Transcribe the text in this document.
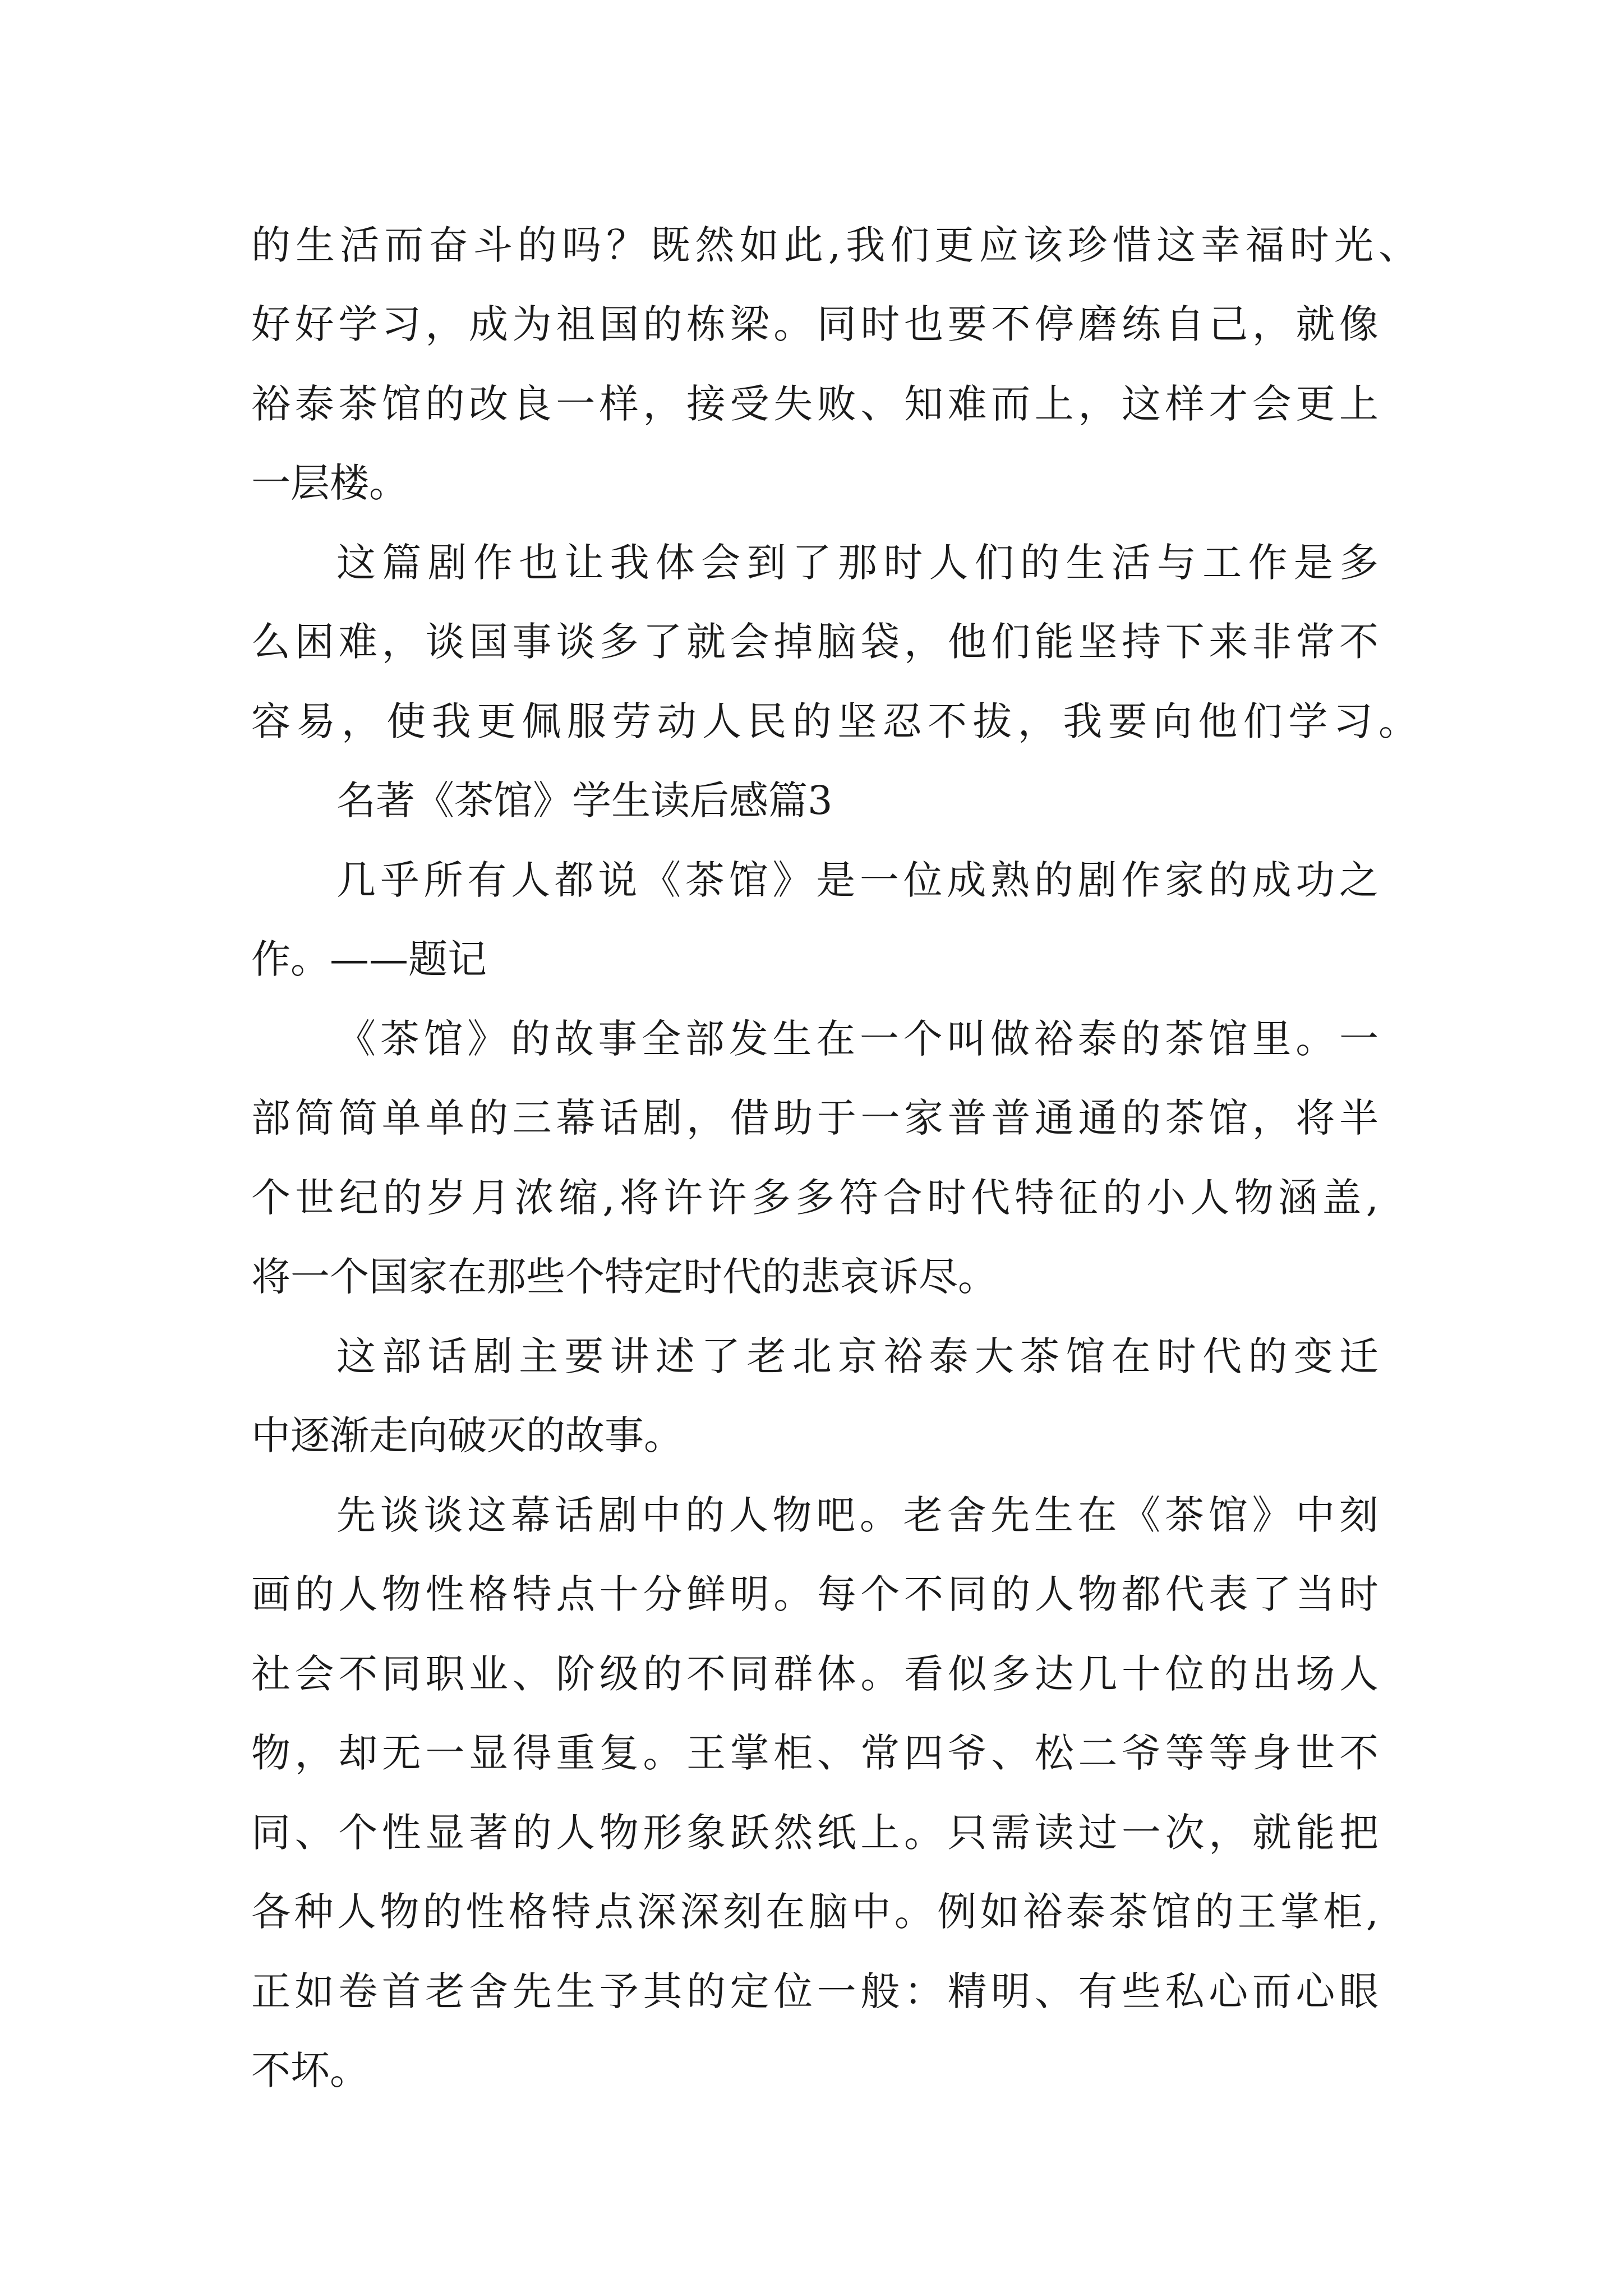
的生活而奋斗的吗？既然如此,我们更应该珍惜这幸福时光、
好好学习，成为祖国的栋梁。同时也要不停磨练自己，就像
裕泰茶馆的改良一样，接受失败、知难而上，这样才会更上
一层楼。
这篇剧作也让我体会到了那时人们的生活与工作是多
么困难，谈国事谈多了就会掉脑袋，他们能坚持下来非常不
容易，使我更佩服劳动人民的坚忍不拔，我要向他们学习。
名著《茶馆》学生读后感篇3
几乎所有人都说《茶馆》是一位成熟的剧作家的成功之
作。——题记
《茶馆》的故事全部发生在一个叫做裕泰的茶馆里。一
部简简单单的三幕话剧，借助于一家普普通通的茶馆，将半
个世纪的岁月浓缩,将许许多多符合时代特征的小人物涵盖,
将一个国家在那些个特定时代的悲哀诉尽。
这部话剧主要讲述了老北京裕泰大茶馆在时代的变迁
中逐渐走向破灭的故事。
先谈谈这幕话剧中的人物吧。老舍先生在《茶馆》中刻
画的人物性格特点十分鲜明。每个不同的人物都代表了当时
社会不同职业、阶级的不同群体。看似多达几十位的出场人
物，却无一显得重复。王掌柜、常四爷、松二爷等等身世不
同、个性显著的人物形象跃然纸上。只需读过一次，就能把
各种人物的性格特点深深刻在脑中。例如裕泰茶馆的王掌柜,
正如卷首老舍先生予其的定位一般：精明、有些私心而心眼
不坏。
